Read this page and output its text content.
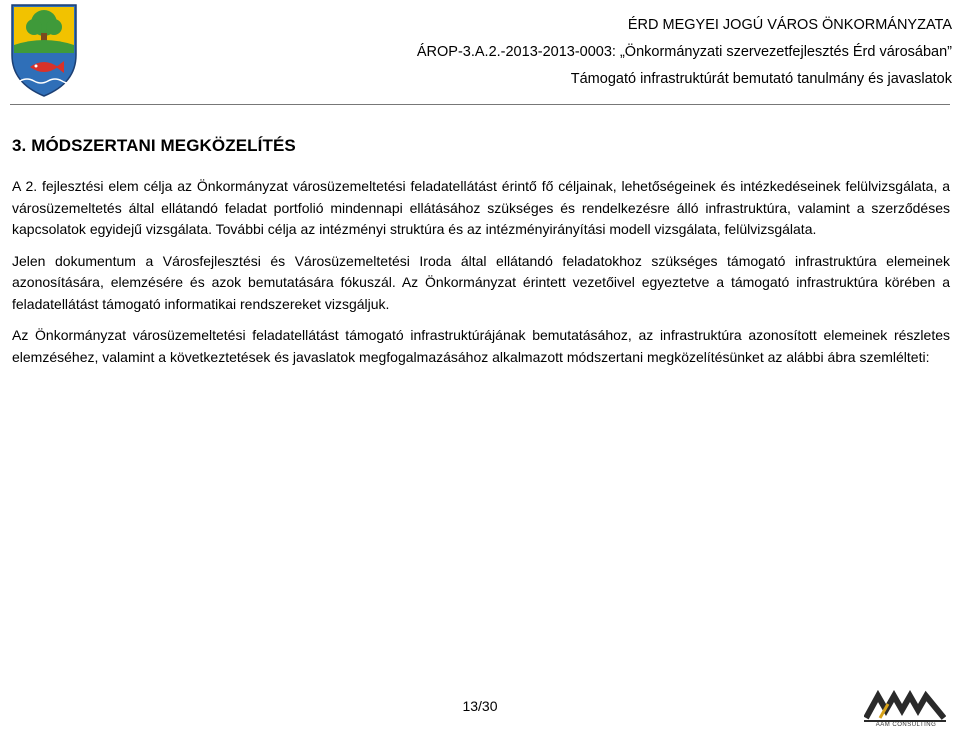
ÉRD MEGYEI JOGÚ VÁROS ÖNKORMÁNYZATA
ÁROP-3.A.2.-2013-2013-0003: „Önkormányzati szervezetfejlesztés Érd városában”
Támogató infrastruktúrát bemutató tanulmány és javaslatok
3. MÓDSZERTANI MEGKÖZELÍTÉS

A 2. fejlesztési elem célja az Önkormányzat városüzemeltetési feladatellátást érintő fő céljainak, lehetőségeinek és intézkedéseinek felülvizsgálata, a városüzemeltetés által ellátandó feladat portfolió mindennapi ellátásához szükséges és rendelkezésre álló infrastruktúra, valamint a szerződéses kapcsolatok egyidejű vizsgálata. További célja az intézményi struktúra és az intézményirányítási modell vizsgálata, felülvizsgálata.

Jelen dokumentum a Városfejlesztési és Városüzemeltetési Iroda által ellátandó feladatokhoz szükséges támogató infrastruktúra elemeinek azonosítására, elemzésére és azok bemutatására fókuszál. Az Önkormányzat érintett vezetőivel egyeztetve a támogató infrastruktúra körében a feladatellátást támogató informatikai rendszereket vizsgáljuk.

Az Önkormányzat városüzemeltetési feladatellátást támogató infrastruktúrájának bemutatásához, az infrastruktúra azonosított elemeinek részletes elemzéséhez, valamint a következtetések és javaslatok megfogalmazásához alkalmazott módszertani megközelítésünket az alábbi ábra szemlélteti:

13/30
AAM CONSULTING
